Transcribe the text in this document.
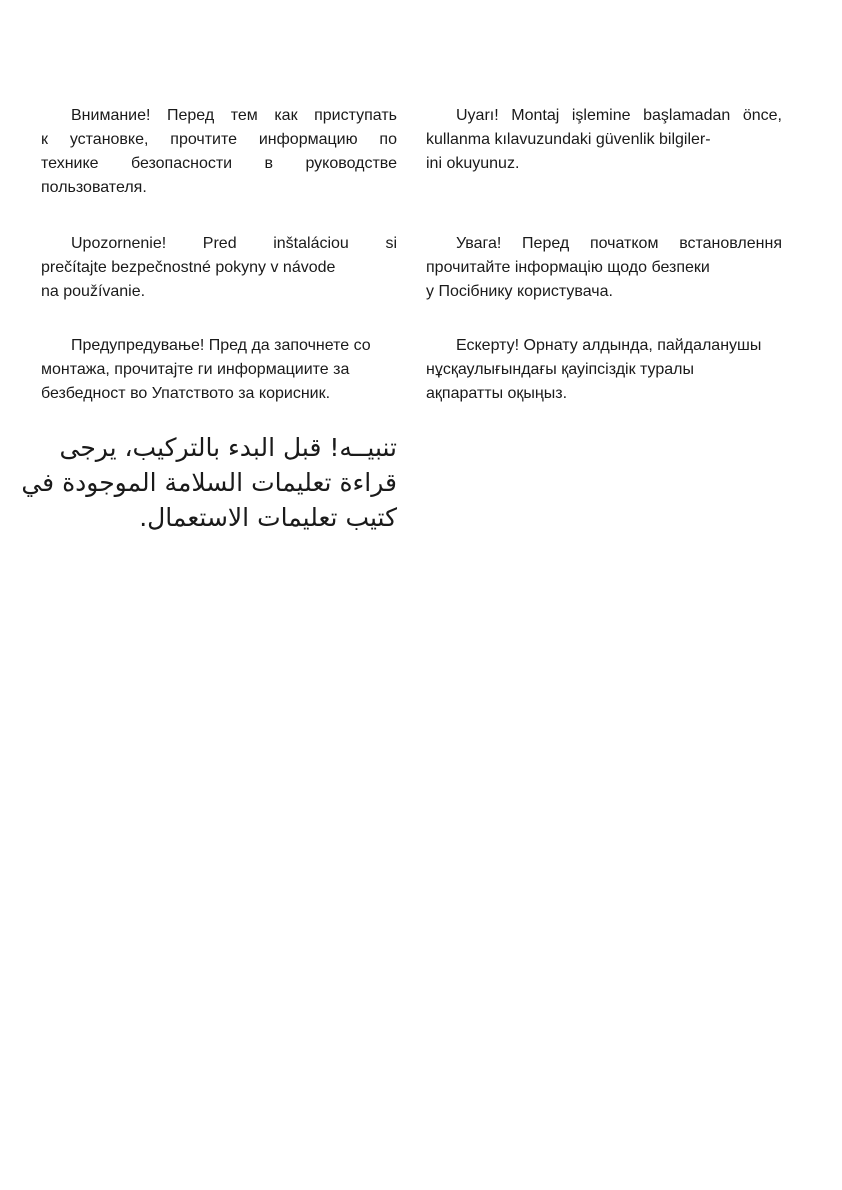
Внимание! Перед тем как приступать
к установке, прочтите информацию по
технике безопасности в руководстве
пользователя.

Upozornenie! Pred inštaláciou si
prečítajte bezpečnostné pokyny v návode
na používanie.

Предупредување! Пред да започнете со
монтажа, прочитајте ги информациите за
безбедност во Упатството за корисник.

تنبيــه! قبل البدء بالتركيب، يرجى
قراءة تعليمات السلامة الموجودة في
كتيب تعليمات الاستعمال.

Uyarı! Montaj işlemine başlamadan önce,
kullanma kılavuzundaki güvenlik bilgiler-
ini okuyunuz.

Увага! Перед початком встановлення
прочитайте інформацію щодо безпеки
у Посібнику користувача.

Ескерту! Орнату алдында, пайдаланушы
нұсқаулығындағы қауіпсіздік туралы
ақпаратты оқыңыз.
